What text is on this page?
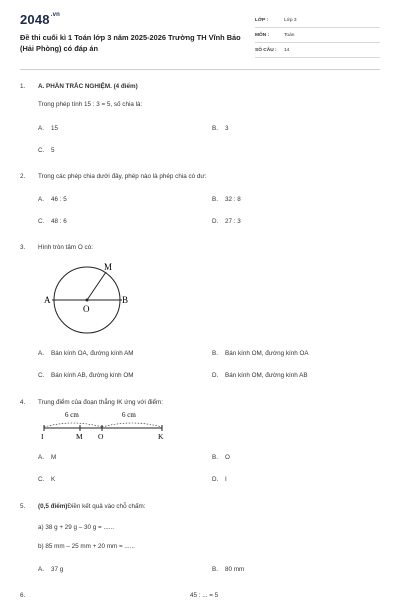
$2048^{.vn}$
Đề thi cuối kì 1 Toán lớp 3 năm 2025-2026 Trường TH Vĩnh Bảo (Hải Phòng) có đáp án
LỚP :	Lớp 3
MÔN :	Toán
SỐ CÂU : 14
1. A. PHẦN TRẮC NGHIỆM. (4 điểm)
Trong phép tính 15 : 3 = 5, số chia là:
A. 15	B. 3
C. 5
2. Trong các phép chia dưới đây, phép nào là phép chia có dư:
A. 46 : 5	B. 32 : 8
C. 48 : 6	D. 27 : 3
3. Hình tròn tâm O có:
M
A	B
O
A. Bán kính OA, đường kính AM	B. Bán kính OM, đường kính OA
C. Bán kính AB, đường kính OM	D. Bán kính OM, đường kính AB
4. Trung điểm của đoạn thẳng IK ứng với điểm:
6 cm	6 cm
I	M O	K
A. M	B. O
C. K	D. I
5. (0,5 điểm)Điền kết quả vào chỗ chấm:
a) 38 g + 29 g – 30 g = ......
b) 85 mm – 25 mm + 20 mm = ......
A. 37 g	B. 80 mm
6.	45 : ... = 5
